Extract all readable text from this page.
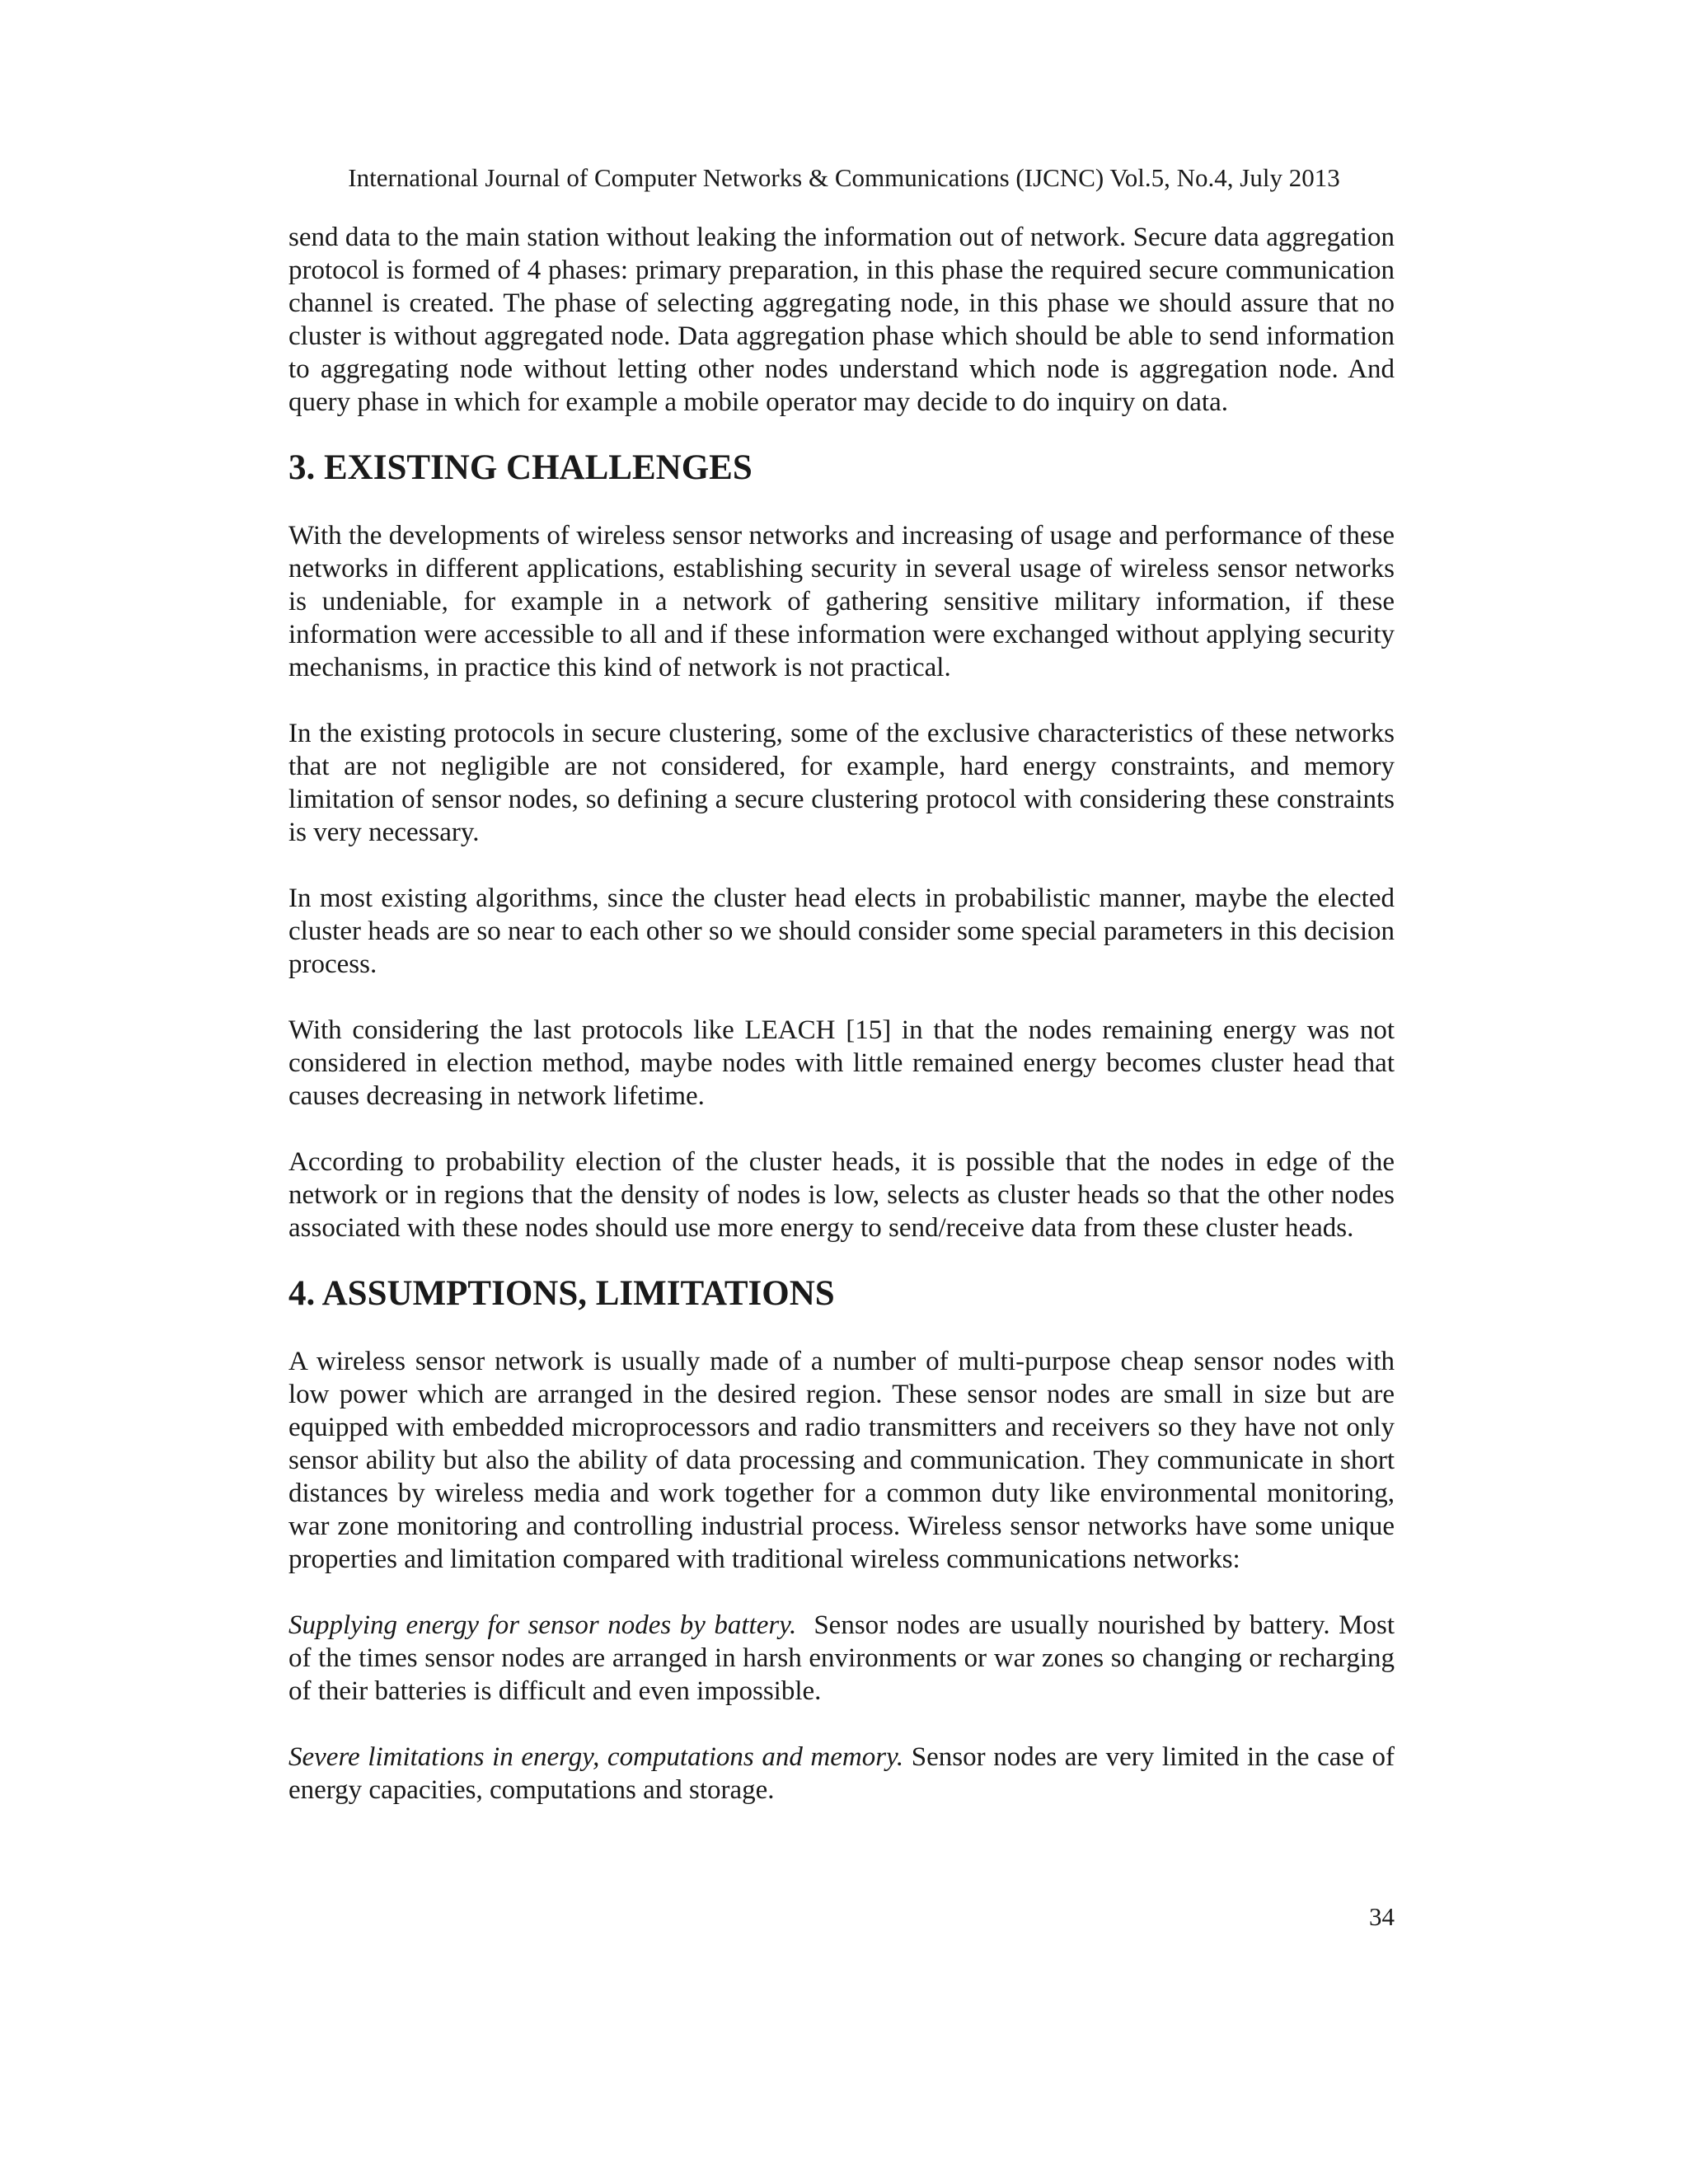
International Journal of Computer Networks & Communications (IJCNC) Vol.5, No.4, July 2013

send data to the main station without leaking the information out of network. Secure data aggregation protocol is formed of 4 phases: primary preparation, in this phase the required secure communication channel is created. The phase of selecting aggregating node, in this phase we should assure that no cluster is without aggregated node. Data aggregation phase which should be able to send information to aggregating node without letting other nodes understand which node is aggregation node. And query phase in which for example a mobile operator may decide to do inquiry on data.

3. EXISTING CHALLENGES

With the developments of wireless sensor networks and increasing of usage and performance of these networks in different applications, establishing security in several usage of wireless sensor networks is undeniable, for example in a network of gathering sensitive military information, if these information were accessible to all and if these information were exchanged without applying security mechanisms, in practice this kind of network is not practical.

In the existing protocols in secure clustering, some of the exclusive characteristics of these networks that are not negligible are not considered, for example, hard energy constraints, and memory limitation of sensor nodes, so defining a secure clustering protocol with considering these constraints is very necessary.

In most existing algorithms, since the cluster head elects in probabilistic manner, maybe the elected cluster heads are so near to each other so we should consider some special parameters in this decision process.

With considering the last protocols like LEACH [15] in that the nodes remaining energy was not considered in election method, maybe nodes with little remained energy becomes cluster head that causes decreasing in network lifetime.

According to probability election of the cluster heads, it is possible that the nodes in edge of the network or in regions that the density of nodes is low, selects as cluster heads so that the other nodes associated with these nodes should use more energy to send/receive data from these cluster heads.

4. ASSUMPTIONS, LIMITATIONS

A wireless sensor network is usually made of a number of multi-purpose cheap sensor nodes with low power which are arranged in the desired region. These sensor nodes are small in size but are equipped with embedded microprocessors and radio transmitters and receivers so they have not only sensor ability but also the ability of data processing and communication. They communicate in short distances by wireless media and work together for a common duty like environmental monitoring, war zone monitoring and controlling industrial process. Wireless sensor networks have some unique properties and limitation compared with traditional wireless communications networks:

Supplying energy for sensor nodes by battery. Sensor nodes are usually nourished by battery. Most of the times sensor nodes are arranged in harsh environments or war zones so changing or recharging of their batteries is difficult and even impossible.

Severe limitations in energy, computations and memory. Sensor nodes are very limited in the case of energy capacities, computations and storage.

34
